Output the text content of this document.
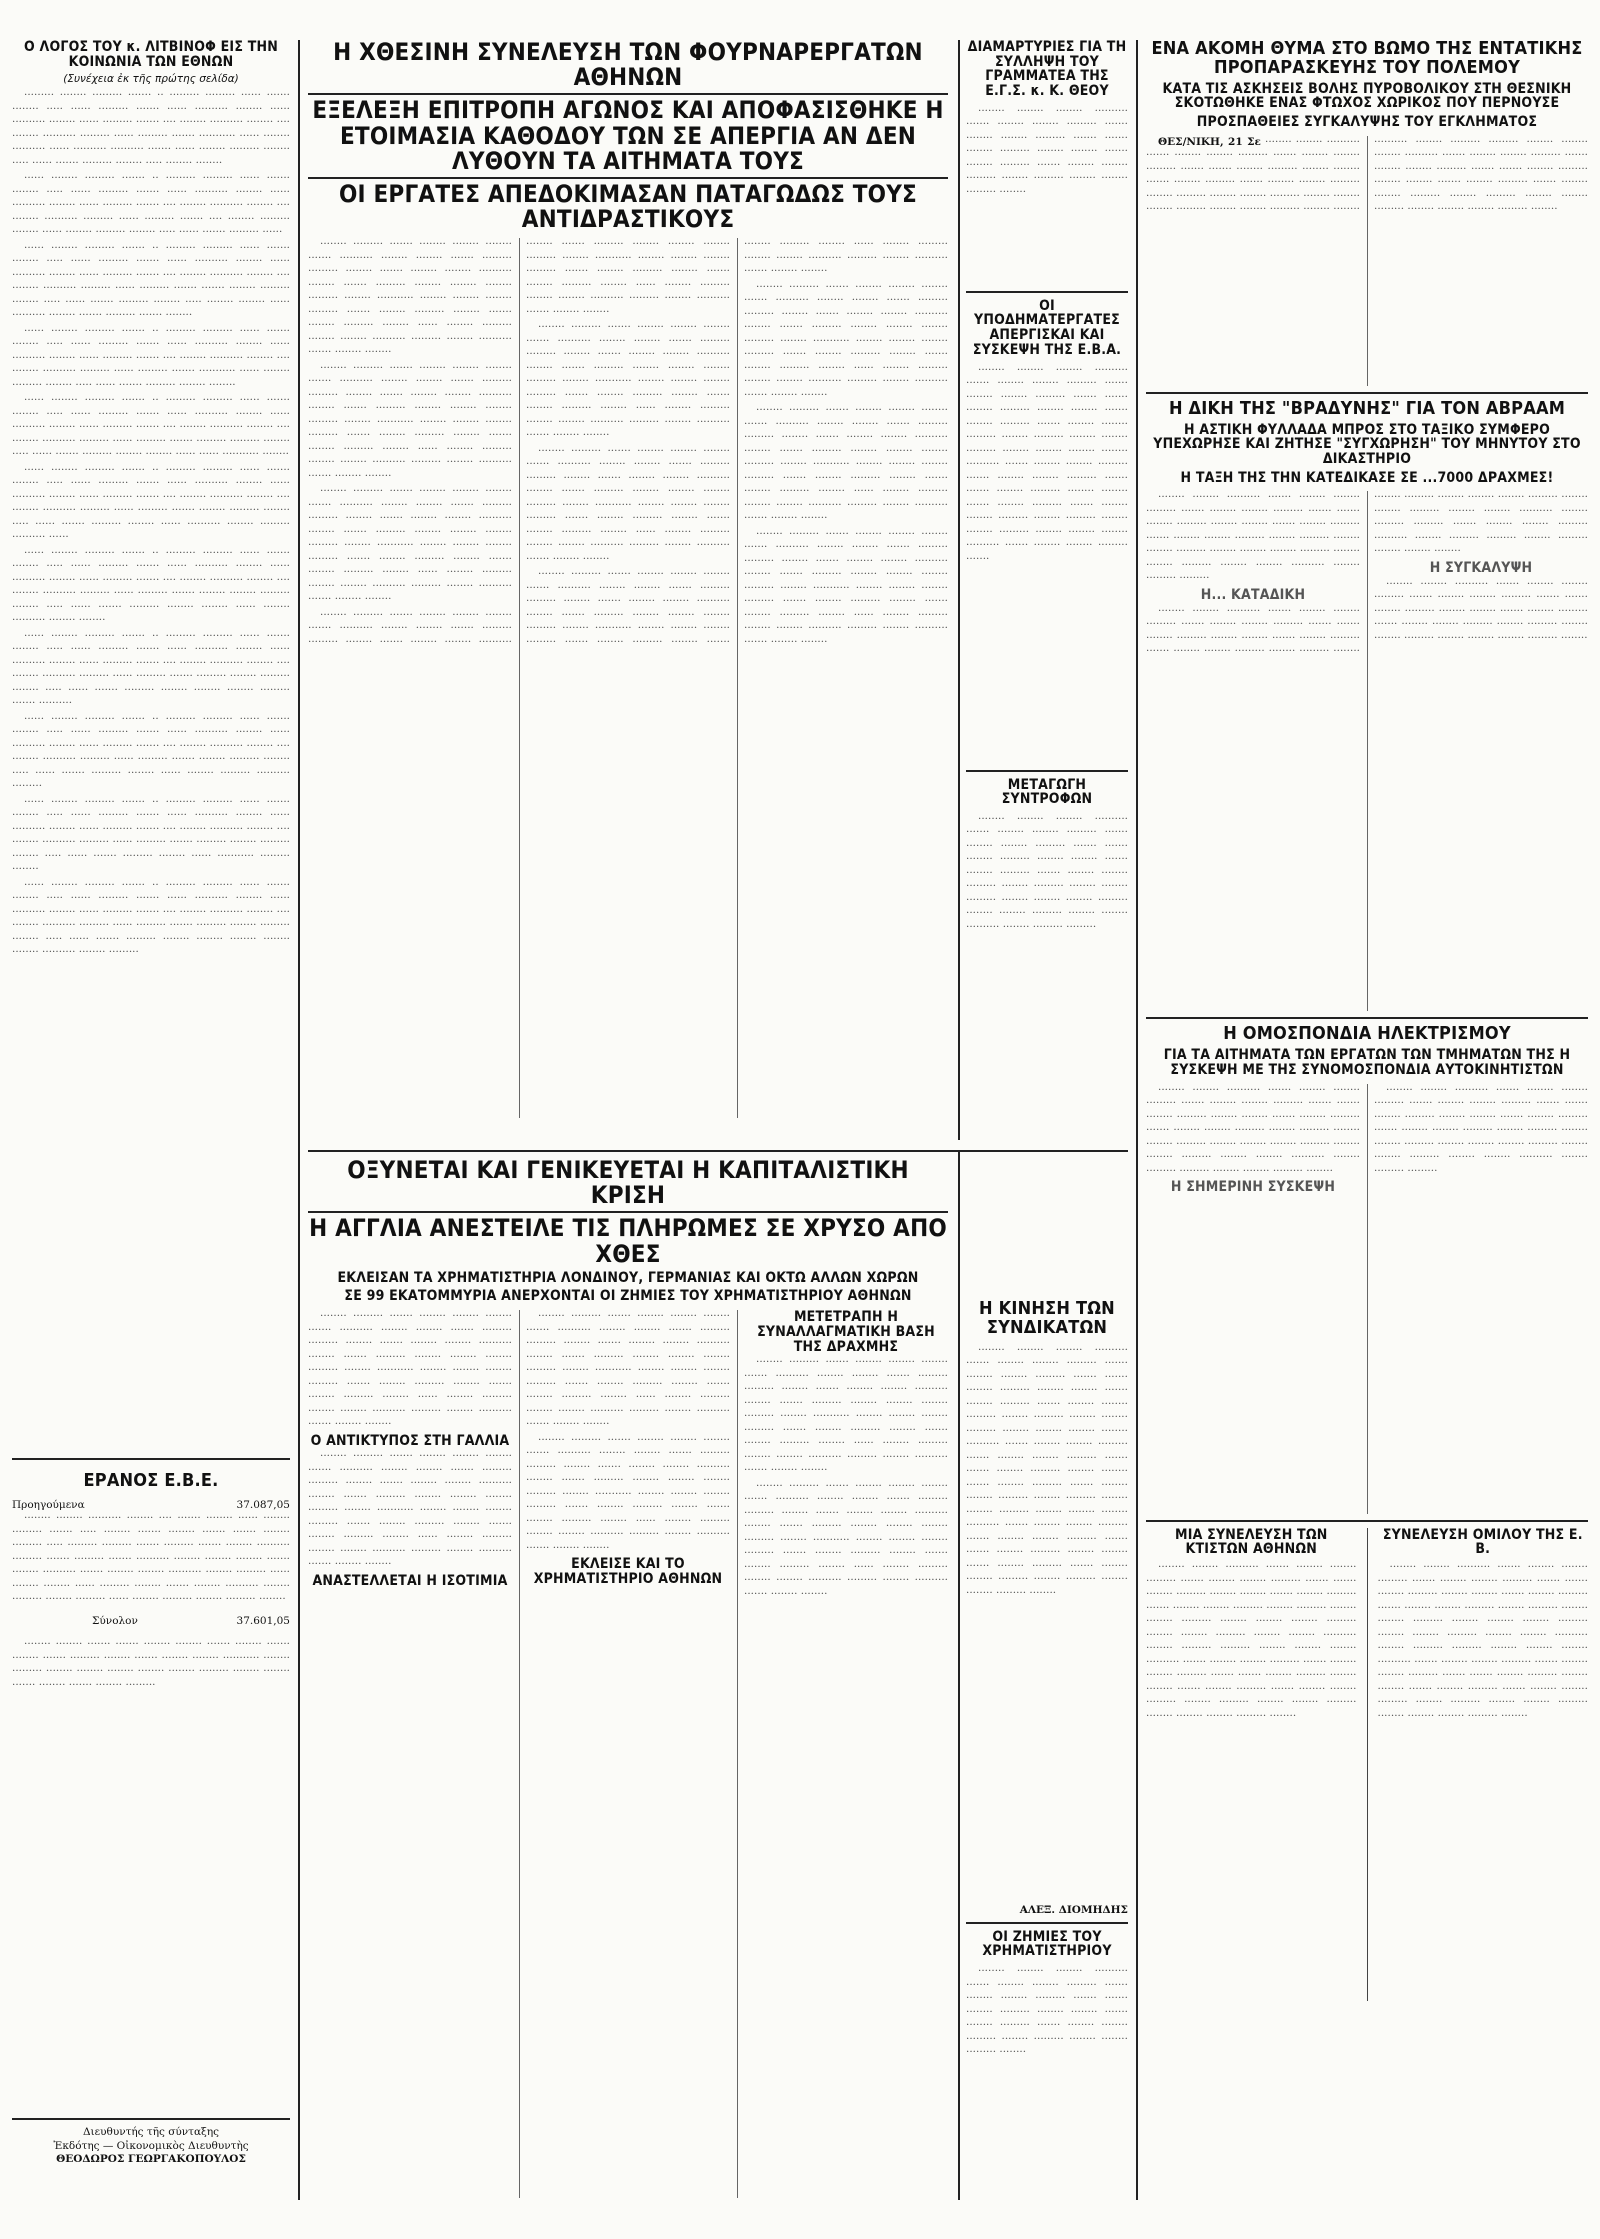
Ο ΛΟΓΟΣ ΤΟΥ κ. ΛΙΤΒΙΝΟΦ ΕΙΣ ΤΗΝ ΚΟΙΝΩΝΙΑ ΤΩΝ ΕΘΝΩΝ
(Συνέχεια ἐκ τῆς πρώτης σελίδα)

········· ········ ········· ······· ·· ········· ········· ······ ······· ········ ····· ······ ········· ······· ······ ·········· ········ ······ ·········· ········ ······ ········· ······· ···· ········ ·········· ········ ···· ········ ·········· ········· ······ ········· ······· ··········· ······ ········ ·········· ······ ·········· ·········· ······· ······ ········ ········· ········ ····· ······ ······· ········· ········ ····· ········ ········

······ ········ ········· ······· ·· ········· ········· ······ ······· ········ ····· ······ ········· ······· ······ ·········· ········ ······ ·········· ········ ······ ········· ······· ···· ········ ·········· ········ ···· ········ ·········· ········· ······ ········· ······· ···· ········ ········· ········ ······ ········ ········· ········ ····· ······ ······· ········· ······

······ ········ ········· ······· ·· ········· ········· ······ ······· ········ ····· ······ ········· ······· ······ ·········· ········ ······ ·········· ········ ······ ········· ······· ···· ········ ·········· ········ ···· ········ ·········· ········· ······ ········· ······· ······· ········ ········· ········ ····· ······ ······· ········· ········ ····· ········ ········ ······ ·········· ········ ······· ········· ······· ········

······ ········ ········· ······· ·· ········· ········· ······ ······· ········ ····· ······ ········· ······· ······ ·········· ········ ······ ·········· ········ ······ ········· ······· ···· ········ ·········· ········ ···· ········ ·········· ········· ······ ········· ······· ··········· ······ ········ ········· ········ ····· ······ ······· ········· ········ ········

······ ········ ········· ······· ·· ········· ········· ······ ······· ········ ····· ······ ········· ······· ······ ·········· ········ ······ ·········· ········ ······ ········· ······· ···· ········ ·········· ········ ···· ········ ·········· ········· ······ ········· ······· ········· ········· ········ ····· ······ ······· ········· ········ ········ ······ ······ ··········· ········

······ ········ ········· ······· ·· ········· ········· ······ ······· ········ ····· ······ ········· ······· ······ ·········· ········ ······ ·········· ········ ······ ········· ······· ···· ········ ·········· ········ ···· ········ ·········· ········· ······ ········· ······· ········ ········· ········ ····· ······ ······· ········· ········ ······ ·········· ········ ········· ·········· ······

······ ········ ········· ······· ·· ········· ········· ······ ······· ········ ····· ······ ········· ······· ······ ·········· ········ ······ ·········· ········ ······ ········· ······· ···· ········ ·········· ········ ···· ········ ·········· ········· ······ ········· ······· ········ ········ ········· ········ ····· ······ ······· ········· ········ ········ ······ ········ ·········· ········ ········

······ ········ ········· ······· ·· ········· ········· ······ ······· ········ ····· ······ ········· ······· ······ ·········· ········ ······ ·········· ········ ······ ········· ······· ···· ········ ·········· ········ ···· ········ ·········· ········· ······ ········· ······· ········· ········ ········· ········ ····· ······ ······· ········· ········ ········ ········ ········· ······· ··········

······ ········ ········· ······· ·· ········· ········· ······ ······· ········ ····· ······ ········· ······· ······ ·········· ········ ······ ·········· ········ ······ ········· ······· ···· ········ ·········· ········ ···· ········ ·········· ········· ······ ········· ······· ········ ········· ········ ····· ······ ······· ········· ········ ······ ········ ········· ·········· ·········

······ ········ ········· ······· ·· ········· ········· ······ ······· ········ ····· ······ ········· ······· ······ ·········· ········ ······ ·········· ········ ······ ········· ······· ···· ········ ·········· ········ ···· ········ ·········· ········· ······ ········· ······· ········· ········ ········· ········ ····· ······ ······· ········· ········ ······ ··········· ········· ········

······ ········ ········· ······· ·· ········· ········· ······ ······· ········ ····· ······ ········· ······· ······ ·········· ········ ······ ·········· ········ ······ ········· ······· ···· ········ ·········· ········ ···· ········ ·········· ········· ······ ········· ······· ········· ········ ········· ········ ····· ······ ······· ········· ········ ········ ········ ········ ········ ·········· ········ ·········

ΕΡΑΝΟΣ Ε.Β.Ε.
Προηγούμενα	37.087,05

········ ········ ·········· ········ ···· ······· ········ ······ ········ ········· ······· ····· ········ ······· ········ ······· ······· ········ ········· ····· ········· ········· ······· ········· ······· ········ ·········· ········· ······· ········· ······· ·········· ········ ········ ········ ······· ········ ·········· ······· ········ ········ ·········· ········ ········· ······ ········ ········ ······ ········· ········ ······· ········ ·········· ········ ········· ········ ········· ······ ········ ········· ········ ········· ········

Σύνολον	37.601,05

········ ········ ······· ······· ········ ········ ······· ········ ······· ········ ······· ········· ········ ······· ········ ········ ··········· ········ ········· ········ ········ ········ ········ ········ ········· ········ ········ ······· ········ ······· ········ ·········

Διευθυντής τῆς σύνταξης
Ἐκδότης — Οἰκονομικὸς Διευθυντὴς
ΘΕΟΔΩΡΟΣ ΓΕΩΡΓΑΚΟΠΟΥΛΟΣ
Η ΧΘΕΣΙΝΗ ΣΥΝΕΛΕΥΣΗ ΤΩΝ ΦΟΥΡΝΑΡΕΡΓΑΤΩΝ ΑΘΗΝΩΝ
ΕΞΕΛΕΞΗ ΕΠΙΤΡΟΠΗ ΑΓΩΝΟΣ ΚΑΙ ΑΠΟΦΑΣΙΣΘΗΚΕ Η ΕΤΟΙΜΑΣΙΑ ΚΑΘΟΔΟΥ ΤΩΝ ΣΕ ΑΠΕΡΓΙΑ ΑΝ ΔΕΝ ΛΥΘΟΥΝ ΤΑ ΑΙΤΗΜΑΤΑ ΤΟΥΣ
ΟΙ ΕΡΓΑΤΕΣ ΑΠΕΔΟΚΙΜΑΣΑΝ ΠΑΤΑΓΩΔΩΣ ΤΟΥΣ ΑΝΤΙΔΡΑΣΤΙΚΟΥΣ

········ ········· ······· ········ ········ ········ ······· ·········· ········ ········ ······· ········· ········· ········ ······· ········ ········ ·········· ········ ······· ········· ········ ········ ········ ········· ········ ··········· ········ ········ ········ ········· ······· ········ ········· ········ ······· ········ ········· ········ ······ ········ ········· ········ ········ ·········· ········· ········ ·········· ······· ········ ········

········ ········· ······· ········ ········ ········ ······· ·········· ········ ········ ······· ········· ········· ········ ······· ········ ········ ·········· ········ ······· ········· ········ ········ ········ ········· ········ ··········· ········ ········ ········ ········· ······· ········ ········· ········ ······· ········ ········· ········ ······ ········ ········· ········ ········ ·········· ········· ········ ·········· ······· ········ ········

········ ········· ······· ········ ········ ········ ······· ·········· ········ ········ ······· ········· ········· ········ ······· ········ ········ ·········· ········ ······· ········· ········ ········ ········ ········· ········ ··········· ········ ········ ········ ········· ······· ········ ········· ········ ······· ········ ········· ········ ······ ········ ········· ········ ········ ·········· ········· ········ ·········· ······· ········ ········

········ ········· ······· ········ ········ ········ ······· ·········· ········ ········ ······· ········· ········· ········ ······· ········ ········ ·········· ········ ······· ········· ········ ········ ········ ········· ········ ··········· ········ ········ ········ ········· ······· ········ ········· ········ ······· ········ ········· ········ ······ ········ ········· ········ ········ ·········· ········· ········ ·········· ······· ········ ········

········ ········· ······· ········ ········ ········ ······· ·········· ········ ········ ······· ········· ········· ········ ······· ········ ········ ·········· ········ ······· ········· ········ ········ ········ ········· ········ ··········· ········ ········ ········ ········· ······· ········ ········· ········ ······· ········ ········· ········ ······ ········ ········· ········ ········ ·········· ········· ········ ·········· ······· ········ ········

········ ········· ······· ········ ········ ········ ······· ·········· ········ ········ ······· ········· ········· ········ ······· ········ ········ ·········· ········ ······· ········· ········ ········ ········ ········· ········ ··········· ········ ········ ········ ········· ······· ········ ········· ········ ······· ········ ········· ········ ······ ········ ········· ········ ········ ·········· ········· ········ ·········· ······· ········ ········

········ ········· ······· ········ ········ ········ ······· ·········· ········ ········ ······· ········· ········· ········ ······· ········ ········ ·········· ········ ······· ········· ········ ········ ········ ········· ········ ··········· ········ ········ ········ ········· ······· ········ ········· ········ ······· ········ ········· ········ ······ ········ ········· ········ ········ ·········· ········· ········ ·········· ······· ········ ········

········ ········· ······· ········ ········ ········ ······· ·········· ········ ········ ······· ········· ········· ········ ······· ········ ········ ·········· ········ ······· ········· ········ ········ ········ ········· ········ ··········· ········ ········ ········ ········· ······· ········ ········· ········ ······· ········ ········· ········ ······ ········ ········· ········ ········ ·········· ········· ········ ·········· ······· ········ ········

········ ········· ······· ········ ········ ········ ······· ·········· ········ ········ ······· ········· ········· ········ ······· ········ ········ ·········· ········ ······· ········· ········ ········ ········ ········· ········ ··········· ········ ········ ········ ········· ······· ········ ········· ········ ······· ········ ········· ········ ······ ········ ········· ········ ········ ·········· ········· ········ ·········· ······· ········ ········

········ ········· ······· ········ ········ ········ ······· ·········· ········ ········ ······· ········· ········· ········ ······· ········ ········ ·········· ········ ······· ········· ········ ········ ········ ········· ········ ··········· ········ ········ ········ ········· ······· ········ ········· ········ ······· ········ ········· ········ ······ ········ ········· ········ ········ ·········· ········· ········ ·········· ······· ········ ········

ΔΙΑΜΑΡΤΥΡΙΕΣ ΓΙΑ ΤΗ ΣΥΛΛΗΨΗ ΤΟΥ ΓΡΑΜΜΑΤΕΑ ΤΗΣ Ε.Γ.Σ. κ. Κ. ΘΕΟΥ

········ ········ ········ ·········· ······· ········ ········ ········· ······· ········ ········ ········· ······· ······· ········ ········· ········ ········ ······· ········ ········· ······· ········ ········ ········· ········ ········· ········ ········ ········· ········

ΟΙ ΥΠΟΔΗΜΑΤΕΡΓΑΤΕΣ ΑΠΕΡΓΙΣΚΑΙ ΚΑΙ ΣΥΣΚΕΨΗ ΤΗΣ Ε.Β.Α.

········ ········ ········ ·········· ······· ········ ········ ········· ······· ········ ········ ········· ······· ······· ········ ········· ········ ········ ······· ········ ········· ······· ········ ········ ········· ········ ········· ········ ········ ········· ········ ········ ········ ········ ·········· ······· ········ ········ ········· ······· ········ ········ ········· ······· ······· ········ ········· ········ ········ ······· ········ ········· ······· ········ ········ ········· ········ ········· ········ ········ ········· ········ ········ ········ ·········· ······· ········ ········ ········· ·······

ΜΕΤΑΓΩΓΗ ΣΥΝΤΡΟΦΩΝ

········ ········ ········ ·········· ······· ········ ········ ········· ······· ········ ········ ········· ······· ······· ········ ········· ········ ········ ······· ········ ········· ······· ········ ········ ········· ········ ········· ········ ········ ········· ········ ········ ········ ········· ········ ········ ········· ········ ········ ·········· ········ ········· ·········

ΕΝΑ ΑΚΟΜΗ ΘΥΜΑ ΣΤΟ ΒΩΜΟ ΤΗΣ ΕΝΤΑΤΙΚΗΣ ΠΡΟΠΑΡΑΣΚΕΥΗΣ ΤΟΥ ΠΟΛΕΜΟΥ
ΚΑΤΑ ΤΙΣ ΑΣΚΗΣΕΙΣ ΒΟΛΗΣ ΠΥΡΟΒΟΛΙΚΟΥ ΣΤΗ ΘΕΣΝΙΚΗ ΣΚΟΤΩΘΗΚΕ ΕΝΑΣ ΦΤΩΧΟΣ ΧΩΡΙΚΟΣ ΠΟΥ ΠΕΡΝΟΥΣΕ
ΠΡΟΣΠΑΘΕΙΕΣ ΣΥΓΚΑΛΥΨΗΣ ΤΟΥ ΕΓΚΛΗΜΑΤΟΣ

ΘΕΣ/ΝΙΚΗ, 21 Σε ········ ········ ·········· ······· ········ ········ ········· ······· ········ ········ ········· ······· ······· ········ ········· ········ ········ ······· ········ ········· ······· ········ ········ ········· ········ ········· ········ ········ ········· ········ ········ ········ ········· ········ ········ ········· ········ ········ ·········· ········ ········· ········· ········ ········ ········ ·········· ······· ········ ········ ········· ······· ········ ········ ········· ······· ······· ········ ········· ········ ········ ······· ········ ········· ······· ········ ········ ········· ········ ········· ········ ········ ········· ········ ········ ········ ········· ········

Η ΔΙΚΗ ΤΗΣ "ΒΡΑΔΥΝΗΣ" ΓΙΑ ΤΟΝ ΑΒΡΑΑΜ
Η ΑΣΤΙΚΗ ΦΥΛΛΑΔΑ ΜΠΡΟΣ ΣΤΟ ΤΑΞΙΚΟ ΣΥΜΦΕΡΟ ΥΠΕΧΩΡΗΣΕ ΚΑΙ ΖΗΤΗΣΕ "ΣΥΓΧΩΡΗΣΗ" ΤΟΥ ΜΗΝΥΤΟΥ ΣΤΟ ΔΙΚΑΣΤΗΡΙΟ
Η ΤΑΞΗ ΤΗΣ ΤΗΝ ΚΑΤΕΔΙΚΑΣΕ ΣΕ ...7000 ΔΡΑΧΜΕΣ!

········ ········ ·········· ······· ········ ········ ········· ······· ········ ········ ········· ······· ······· ········ ········· ········ ········ ······· ········ ········· ······· ········ ········ ········· ········ ········· ········ ········ ········· ········ ········ ········ ········· ········ ········ ········· ········ ········ ·········· ········ ········· ·········

Η... ΚΑΤΑΔΙΚΗ

········ ········ ·········· ······· ········ ········ ········· ······· ········ ········ ········· ······· ······· ········ ········· ········ ········ ······· ········ ········· ······· ········ ········ ········· ········ ········· ········ ········ ········· ········ ········ ········ ········· ········ ········ ········· ········ ········ ·········· ········ ········· ········· ······· ········ ········ ········· ·········· ········ ········· ········· ········ ········· ········ ········ ········

Η ΣΥΓΚΑΛΥΨΗ

········ ········ ·········· ······· ········ ········ ········· ······· ········ ········ ········· ······· ······· ········ ········· ········ ········ ······· ········ ········· ······· ········ ········ ········· ········ ········· ········ ········ ········· ········ ········ ········ ········· ········

Η ΟΜΟΣΠΟΝΔΙΑ ΗΛΕΚΤΡΙΣΜΟΥ
ΓΙΑ ΤΑ ΑΙΤΗΜΑΤΑ ΤΩΝ ΕΡΓΑΤΩΝ ΤΩΝ ΤΜΗΜΑΤΩΝ ΤΗΣ Η ΣΥΣΚΕΨΗ ΜΕ ΤΗΣ ΣΥΝΟΜΟΣΠΟΝΔΙΑ ΑΥΤΟΚΙΝΗΤΙΣΤΩΝ

········ ········ ·········· ······· ········ ········ ········· ······· ········ ········ ········· ······· ······· ········ ········· ········ ········ ······· ········ ········· ······· ········ ········ ········· ········ ········· ········ ········ ········· ········ ········ ········ ········· ········ ········ ········· ········ ········ ·········· ········ ········· ········· ········ ········ ········· ········

Η ΣΗΜΕΡΙΝΗ ΣΥΣΚΕΨΗ

········ ········ ·········· ······· ········ ········ ········· ······· ········ ········ ········· ······· ······· ········ ········· ········ ········ ······· ········ ········· ······· ········ ········ ········· ········ ········· ········ ········ ········· ········ ········ ········ ········· ········ ········ ········· ········ ········ ·········· ········ ········· ·········

ΜΙΑ ΣΥΝΕΛΕΥΣΗ ΤΩΝ ΚΤΙΣΤΩΝ ΑΘΗΝΩΝ

········ ········ ·········· ······· ········ ········ ········· ······· ········ ········ ········· ······· ······· ········ ········· ········ ········ ······· ········ ········· ······· ········ ········ ········· ········ ········· ········ ········ ········· ········ ········ ········ ········· ········ ········ ········· ········ ········ ·········· ········ ········· ········· ········ ········ ········ ·········· ······· ········ ········ ········· ······· ········ ········ ········· ······· ······· ········ ········· ········ ········ ······· ········ ········· ······· ········ ········ ········· ········ ········· ········ ········ ········· ········ ········ ········ ········· ········

ΣΥΝΕΛΕΥΣΗ ΟΜΙΛΟΥ ΤΗΣ Ε. Β.

········ ········ ·········· ······· ········ ········ ········· ······· ········ ········ ········· ······· ······· ········ ········· ········ ········ ······· ········ ········· ······· ········ ········ ········· ········ ········· ········ ········ ········· ········ ········ ········ ········· ········ ········ ········· ········ ········ ·········· ········ ········· ········· ········ ········ ········ ·········· ······· ········ ········ ········· ······· ········ ········ ········· ······· ······· ········ ········· ········ ········ ······· ········ ········· ······· ········ ········ ········· ········ ········· ········ ········ ········· ········ ········ ········ ········· ········

ΟΞΥΝΕΤΑΙ ΚΑΙ ΓΕΝΙΚΕΥΕΤΑΙ Η ΚΑΠΙΤΑΛΙΣΤΙΚΗ ΚΡΙΣΗ
Η ΑΓΓΛΙΑ ΑΝΕΣΤΕΙΛΕ ΤΙΣ ΠΛΗΡΩΜΕΣ ΣΕ ΧΡΥΣΟ ΑΠΟ ΧΘΕΣ
ΕΚΛΕΙΣΑΝ ΤΑ ΧΡΗΜΑΤΙΣΤΗΡΙΑ ΛΟΝΔΙΝΟΥ, ΓΕΡΜΑΝΙΑΣ ΚΑΙ ΟΚΤΩ ΑΛΛΩΝ ΧΩΡΩΝ
ΣΕ 99 ΕΚΑΤΟΜΜΥΡΙΑ ΑΝΕΡΧΟΝΤΑΙ ΟΙ ΖΗΜΙΕΣ ΤΟΥ ΧΡΗΜΑΤΙΣΤΗΡΙΟΥ ΑΘΗΝΩΝ

········ ········· ······· ········ ········ ········ ······· ·········· ········ ········ ······· ········· ········· ········ ······· ········ ········ ·········· ········ ······· ········· ········ ········ ········ ········· ········ ··········· ········ ········ ········ ········· ······· ········ ········· ········ ······· ········ ········· ········ ······ ········ ········· ········ ········ ·········· ········· ········ ·········· ······· ········ ········

Ο ΑΝΤΙΚΤΥΠΟΣ ΣΤΗ ΓΑΛΛΙΑ

········ ········· ······· ········ ········ ········ ······· ·········· ········ ········ ······· ········· ········· ········ ······· ········ ········ ·········· ········ ······· ········· ········ ········ ········ ········· ········ ··········· ········ ········ ········ ········· ······· ········ ········· ········ ······· ········ ········· ········ ······ ········ ········· ········ ········ ·········· ········· ········ ·········· ······· ········ ········

ΑΝΑΣΤΕΛΛΕΤΑΙ Η ΙΣΟΤΙΜΙΑ

········ ········· ······· ········ ········ ········ ······· ·········· ········ ········ ······· ········· ········· ········ ······· ········ ········ ·········· ········ ······· ········· ········ ········ ········ ········· ········ ··········· ········ ········ ········ ········· ······· ········ ········· ········ ······· ········ ········· ········ ······ ········ ········· ········ ········ ·········· ········· ········ ·········· ······· ········ ········

········ ········· ······· ········ ········ ········ ······· ·········· ········ ········ ······· ········· ········· ········ ······· ········ ········ ·········· ········ ······· ········· ········ ········ ········ ········· ········ ··········· ········ ········ ········ ········· ······· ········ ········· ········ ······· ········ ········· ········ ······ ········ ········· ········ ········ ·········· ········· ········ ·········· ······· ········ ········

ΕΚΛΕΙΣΕ ΚΑΙ ΤΟ ΧΡΗΜΑΤΙΣΤΗΡΙΟ ΑΘΗΝΩΝ

ΜΕΤΕΤΡΑΠΗ Η ΣΥΝΑΛΛΑΓΜΑΤΙΚΗ ΒΑΣΗ ΤΗΣ ΔΡΑΧΜΗΣ

········ ········· ······· ········ ········ ········ ······· ·········· ········ ········ ······· ········· ········· ········ ······· ········ ········ ·········· ········ ······· ········· ········ ········ ········ ········· ········ ··········· ········ ········ ········ ········· ······· ········ ········· ········ ······· ········ ········· ········ ······ ········ ········· ········ ········ ·········· ········· ········ ·········· ······· ········ ········

········ ········· ······· ········ ········ ········ ······· ·········· ········ ········ ······· ········· ········· ········ ······· ········ ········ ·········· ········ ······· ········· ········ ········ ········ ········· ········ ··········· ········ ········ ········ ········· ······· ········ ········· ········ ······· ········ ········· ········ ······ ········ ········· ········ ········ ·········· ········· ········ ·········· ······· ········ ········

Η ΚΙΝΗΣΗ ΤΩΝ ΣΥΝΔΙΚΑΤΩΝ

········ ········ ········ ·········· ······· ········ ········ ········· ······· ········ ········ ········· ······· ······· ········ ········· ········ ········ ······· ········ ········· ······· ········ ········ ········· ········ ········· ········ ········ ········· ········ ········ ········ ········ ·········· ······· ········ ········ ········· ······· ········ ········ ········· ······· ······· ········ ········· ········ ········ ······· ········ ········· ······· ········ ········ ········· ········ ········· ········ ········ ········· ········ ········ ········ ·········· ······· ········ ········ ········· ······· ········ ········ ········· ······· ······· ········ ········· ········ ········ ······· ········ ········· ······· ········ ········ ········· ········ ········· ········ ········ ········· ········

ΑΛΕΞ. ΔΙΟΜΗΔΗΣ
ΟΙ ΖΗΜΙΕΣ ΤΟΥ ΧΡΗΜΑΤΙΣΤΗΡΙΟΥ

········ ········ ········ ·········· ······· ········ ········ ········· ······· ········ ········ ········· ······· ······· ········ ········· ········ ········ ······· ········ ········· ······· ········ ········ ········· ········ ········· ········ ········ ········· ········
